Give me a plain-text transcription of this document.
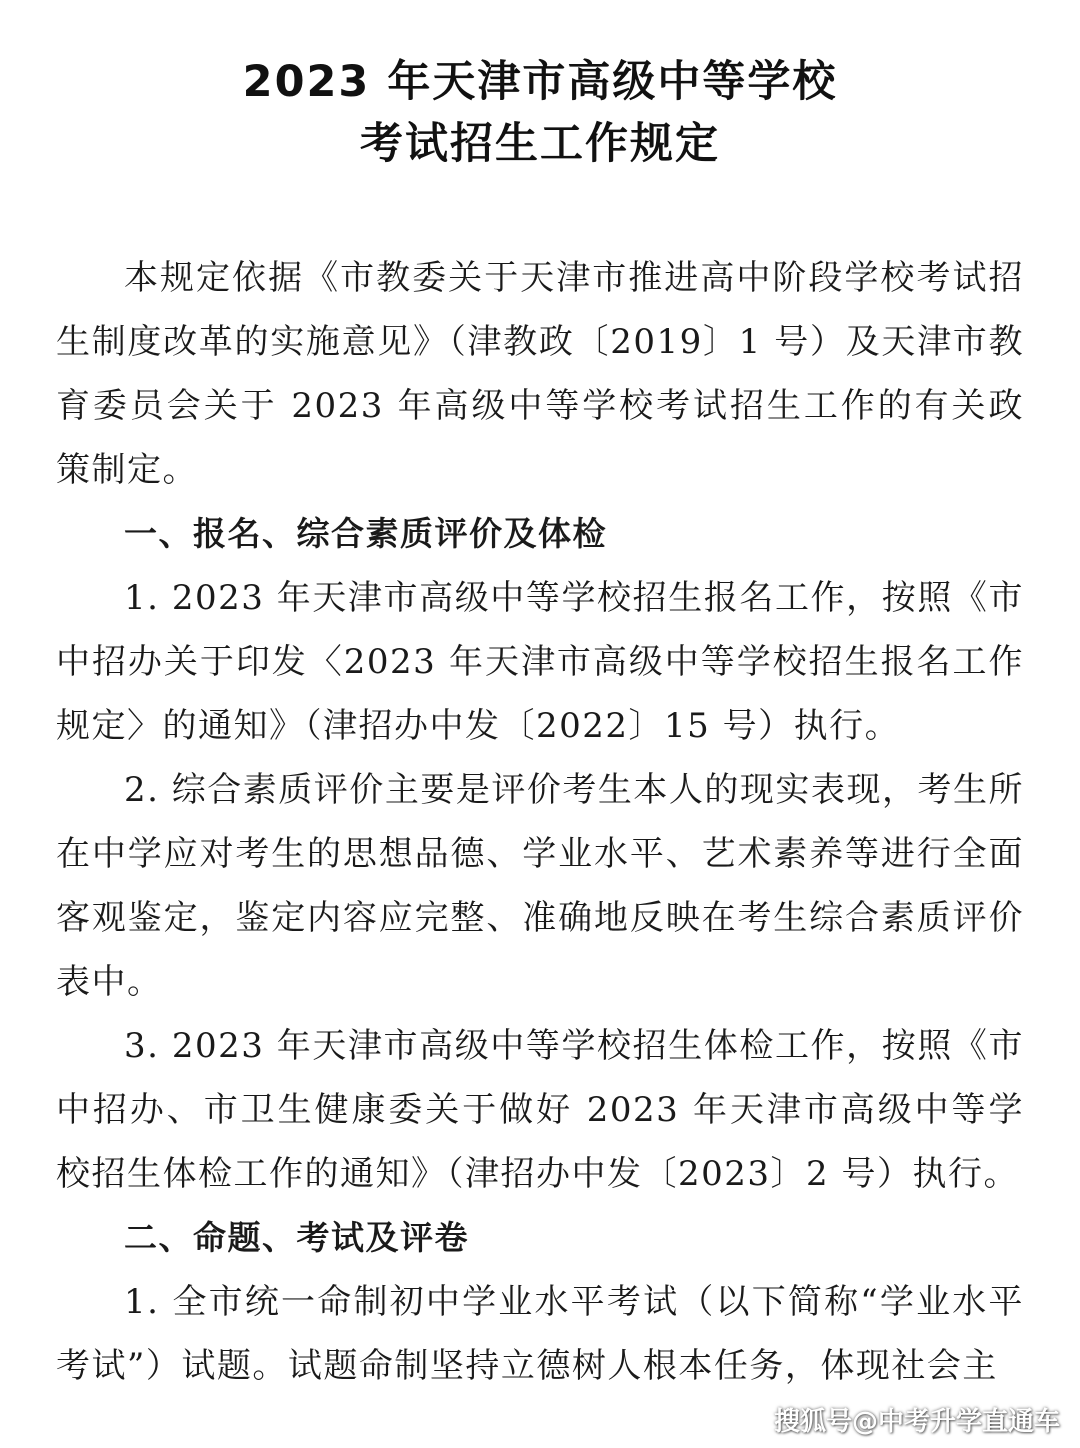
2023 年天津市高级中等学校
考试招生工作规定

本规定依据《市教委关于天津市推进高中阶段学校考试招生制度改革的实施意见》（津教政〔2019〕1 号）及天津市教育委员会关于 2023 年高级中等学校考试招生工作的有关政策制定。

一、报名、综合素质评价及体检

1. 2023 年天津市高级中等学校招生报名工作，按照《市中招办关于印发〈2023 年天津市高级中等学校招生报名工作规定〉的通知》（津招办中发〔2022〕15 号）执行。

2. 综合素质评价主要是评价考生本人的现实表现，考生所在中学应对考生的思想品德、学业水平、艺术素养等进行全面客观鉴定，鉴定内容应完整、准确地反映在考生综合素质评价表中。

3. 2023 年天津市高级中等学校招生体检工作，按照《市中招办、市卫生健康委关于做好 2023 年天津市高级中等学校招生体检工作的通知》（津招办中发〔2023〕2 号）执行。

二、命题、考试及评卷

1. 全市统一命制初中学业水平考试（以下简称“学业水平考试”）试题。试题命制坚持立德树人根本任务，体现社会主

搜狐号@中考升学直通车
